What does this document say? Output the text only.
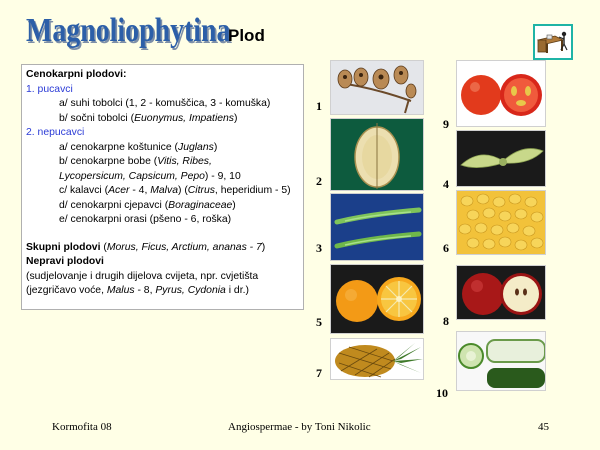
Magnoliophytina
Plod
Cenokarpni plodovi:
1. pucavci
a/ suhi tobolci (1, 2 - komuščica, 3 - komuška)
b/ sočni tobolci (Euonymus, Impatiens)
2. nepucavci
a/ cenokarpne koštunice (Juglans)
b/ cenokarpne bobe (Vitis, Ribes,
Lycopersicum, Capsicum, Pepo) - 9, 10
c/ kalavci (Acer - 4, Malva) (Citrus, heperidium - 5)
d/ cenokarpni cjepavci (Boraginaceae)
e/ cenokarpni orasi (pšeno - 6, roška)
Skupni plodovi (Morus, Ficus, Arctium, ananas - 7)
Nepravi plodovi
(sudjelovanje i drugih dijelova cvijeta, npr. cvjetišta
(jezgričavo voće, Malus - 8, Pyrus, Cydonia i dr.)
1
2
3
5
7
9
4
6
8
10
Kormofita 08	Angiospermae - by Toni Nikolic	45
